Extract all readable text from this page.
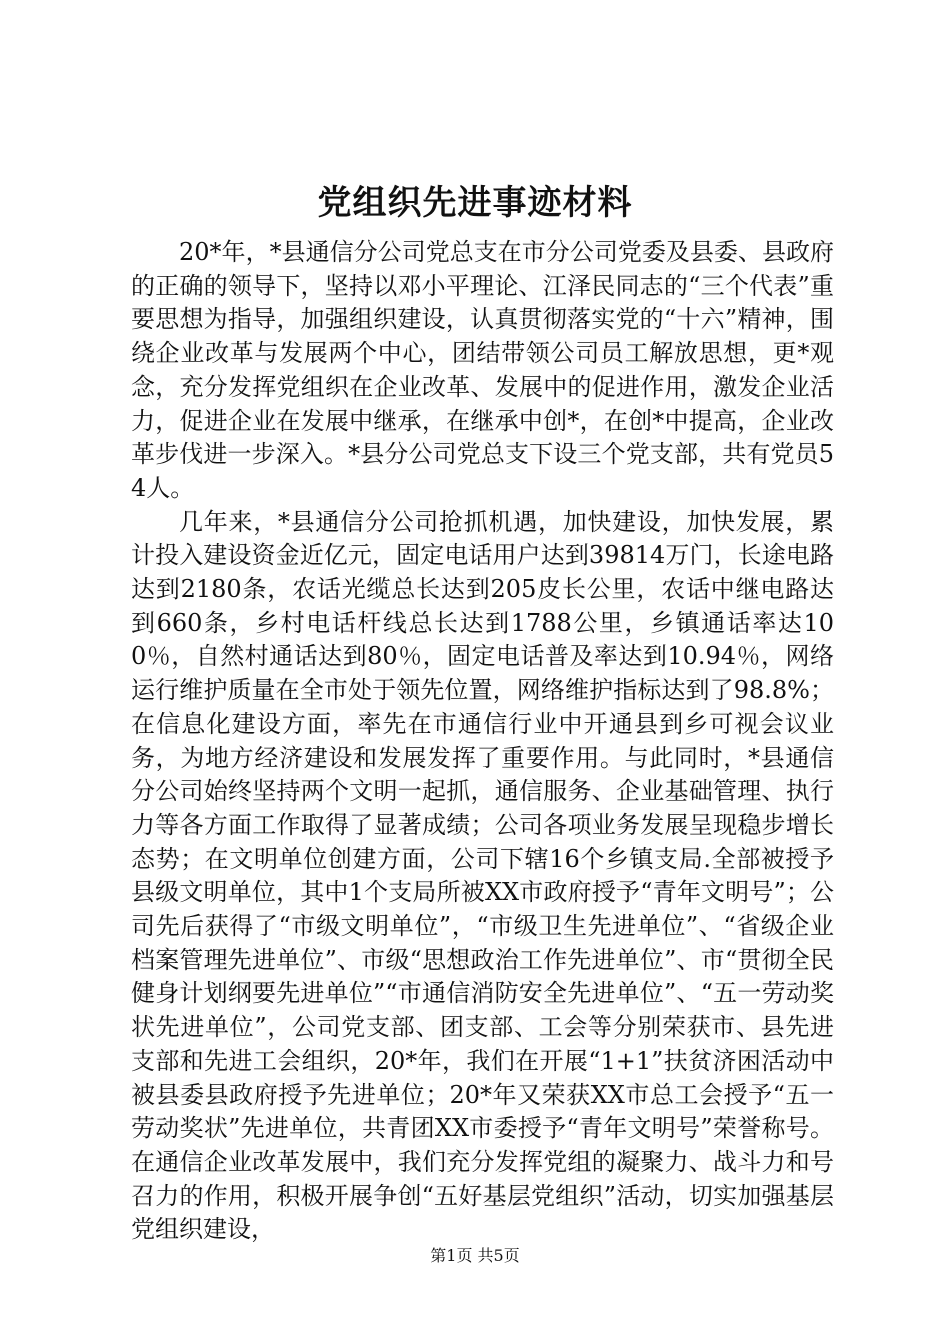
党组织先进事迹材料

20*年，*县通信分公司党总支在市分公司党委及县委、县政府的正确的领导下，坚持以邓小平理论、江泽民同志的“三个代表”重要思想为指导，加强组织建设，认真贯彻落实党的“十六”精神，围绕企业改革与发展两个中心，团结带领公司员工解放思想，更*观念，充分发挥党组织在企业改革、发展中的促进作用，激发企业活力，促进企业在发展中继承，在继承中创*，在创*中提高，企业改革步伐进一步深入。*县分公司党总支下设三个党支部，共有党员54人。

几年来，*县通信分公司抢抓机遇，加快建设，加快发展，累计投入建设资金近亿元，固定电话用户达到39814万门，长途电路达到2180条，农话光缆总长达到205皮长公里，农话中继电路达到660条，乡村电话杆线总长达到1788公里，乡镇通话率达100％，自然村通话达到80％，固定电话普及率达到10.94％，网络运行维护质量在全市处于领先位置，网络维护指标达到了98.8%；在信息化建设方面，率先在市通信行业中开通县到乡可视会议业务，为地方经济建设和发展发挥了重要作用。与此同时，*县通信分公司始终坚持两个文明一起抓，通信服务、企业基础管理、执行力等各方面工作取得了显著成绩；公司各项业务发展呈现稳步增长态势；在文明单位创建方面，公司下辖16个乡镇支局.全部被授予县级文明单位，其中1个支局所被XX市政府授予“青年文明号”；公司先后获得了“市级文明单位”，“市级卫生先进单位”、“省级企业档案管理先进单位”、市级“思想政治工作先进单位”、市“贯彻全民健身计划纲要先进单位”“市通信消防安全先进单位”、“五一劳动奖状先进单位”，公司党支部、团支部、工会等分别荣获市、县先进支部和先进工会组织，20*年，我们在开展“1+1”扶贫济困活动中被县委县政府授予先进单位；20*年又荣获XX市总工会授予“五一劳动奖状”先进单位，共青团XX市委授予“青年文明号”荣誉称号。在通信企业改革发展中，我们充分发挥党组的凝聚力、战斗力和号召力的作用，积极开展争创“五好基层党组织”活动，切实加强基层党组织建设，

第1页 共5页
